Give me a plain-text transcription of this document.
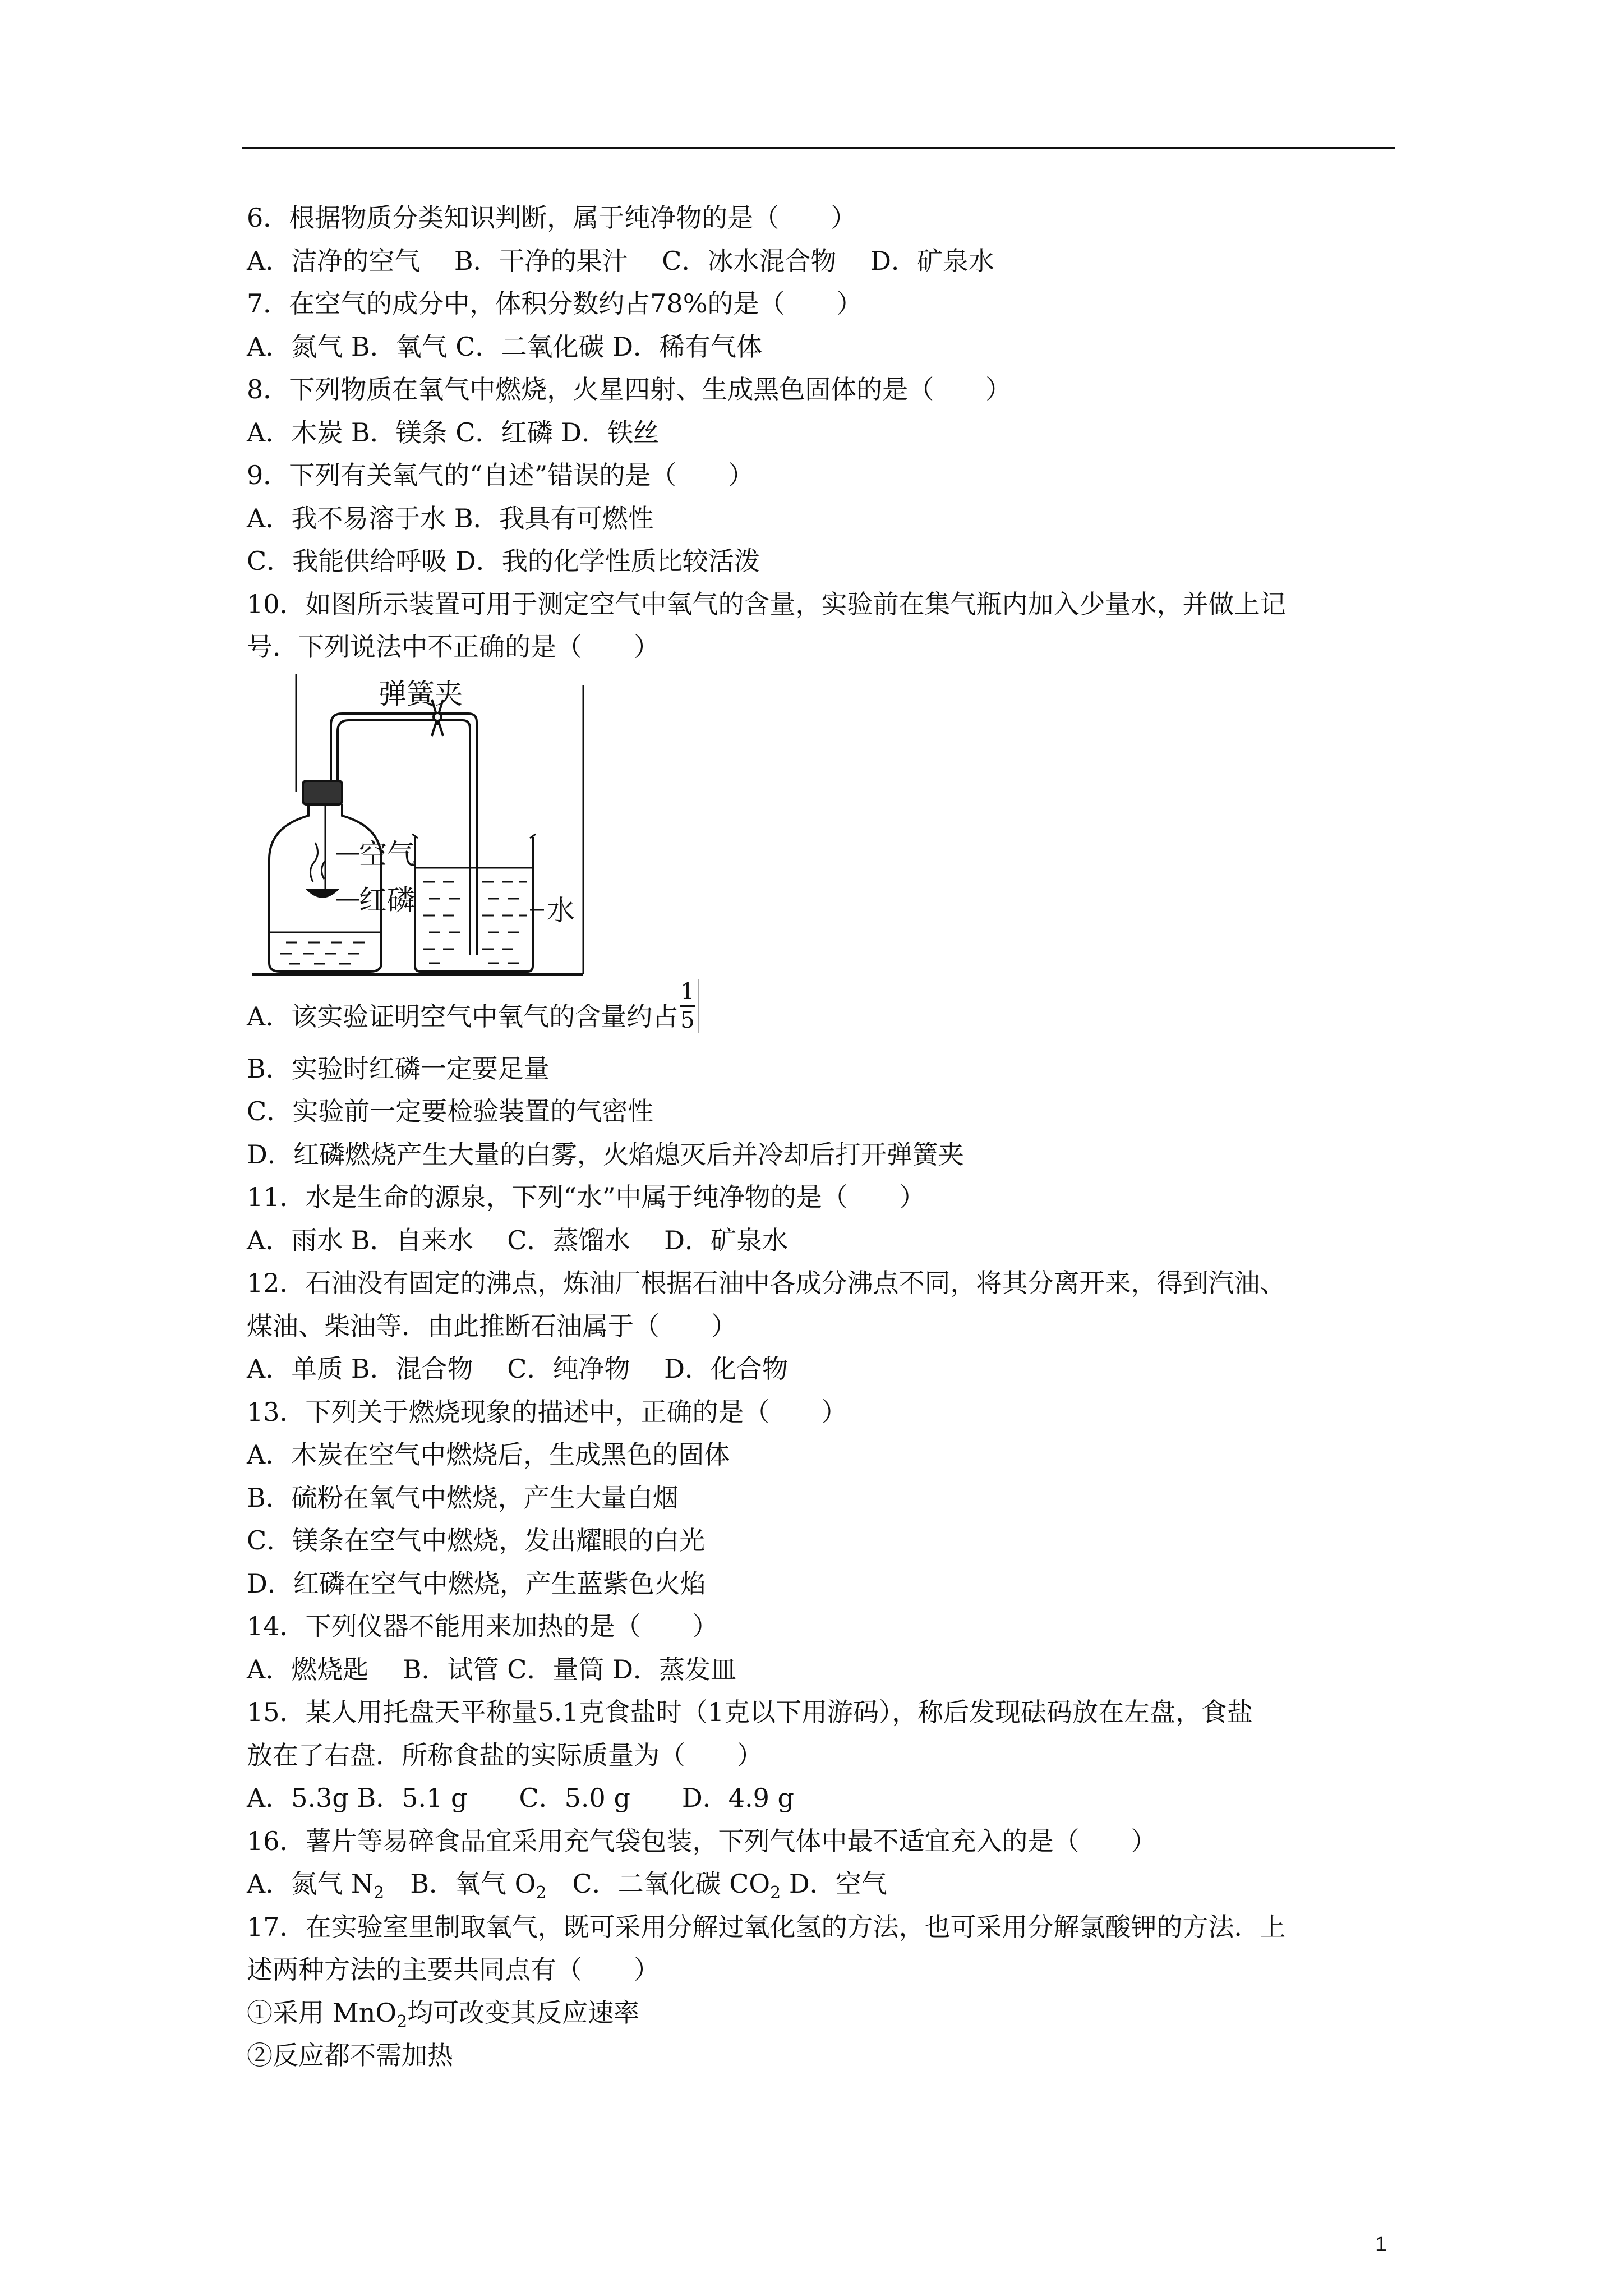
6．根据物质分类知识判断，属于纯净物的是（　　）
A．洁净的空气　 B．干净的果汁　 C．冰水混合物　 D．矿泉水
7．在空气的成分中，体积分数约占78%的是（　　）
A．氮气 B．氧气 C．二氧化碳 D．稀有气体
8．下列物质在氧气中燃烧，火星四射、生成黑色固体的是（　　）
A．木炭 B．镁条 C．红磷 D．铁丝
9．下列有关氧气的“自述”错误的是（　　）
A．我不易溶于水 B．我具有可燃性
C．我能供给呼吸 D．我的化学性质比较活泼
10．如图所示装置可用于测定空气中氧气的含量，实验前在集气瓶内加入少量水，并做上记
号．下列说法中不正确的是（　　）
弹簧夹
空气
红磷	水
A．该实验证明空气中氧气的含量约占 $\frac{1}{5}$
B．实验时红磷一定要足量
C．实验前一定要检验装置的气密性
D．红磷燃烧产生大量的白雾，火焰熄灭后并冷却后打开弹簧夹
11．水是生命的源泉，下列“水”中属于纯净物的是（　　）
A．雨水 B．自来水　 C．蒸馏水　 D．矿泉水
12．石油没有固定的沸点，炼油厂根据石油中各成分沸点不同，将其分离开来，得到汽油、
煤油、柴油等．由此推断石油属于（　　）
A．单质 B．混合物　 C．纯净物　 D．化合物
13．下列关于燃烧现象的描述中，正确的是（　　）
A．木炭在空气中燃烧后，生成黑色的固体
B．硫粉在氧气中燃烧，产生大量白烟
C．镁条在空气中燃烧，发出耀眼的白光
D．红磷在空气中燃烧，产生蓝紫色火焰
14．下列仪器不能用来加热的是（　　）
A．燃烧匙　 B．试管 C．量筒 D．蒸发皿
15．某人用托盘天平称量5.1克食盐时（1克以下用游码），称后发现砝码放在左盘，食盐
放在了右盘．所称食盐的实际质量为（　　）
A．5.3g B．5.1 g　　C．5.0 g　　D．4.9 g
16．薯片等易碎食品宜采用充气袋包装，下列气体中最不适宜充入的是（　　）
A．氮气 $N_2$　B．氧气 $O_2$　C．二氧化碳 $CO_2$ D．空气
17．在实验室里制取氧气，既可采用分解过氧化氢的方法，也可采用分解氯酸钾的方法．上
述两种方法的主要共同点有（　　）
①采用 MnO$_2$均可改变其反应速率
②反应都不需加热
1
